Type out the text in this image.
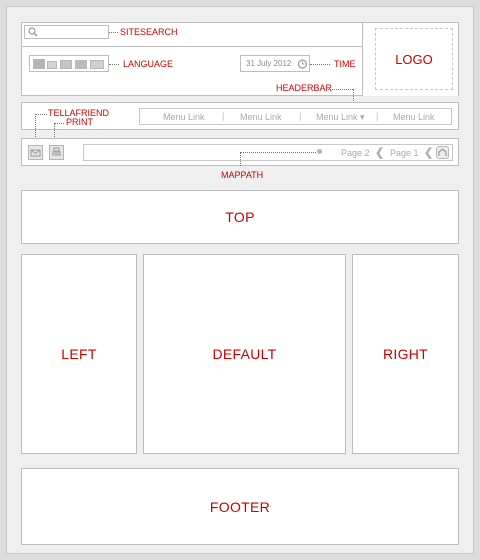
LOGO
SITESEARCH
LANGUAGE	31 July 2012	TIME
HEADERBAR
Menu Link | Menu Link | Menu Link ▾ | Menu Link
TELLAFRIEND
PRINT
Page 2 ❮ Page 1 ❮
MAPPATH
TOP
LEFT	DEFAULT	RIGHT
FOOTER
